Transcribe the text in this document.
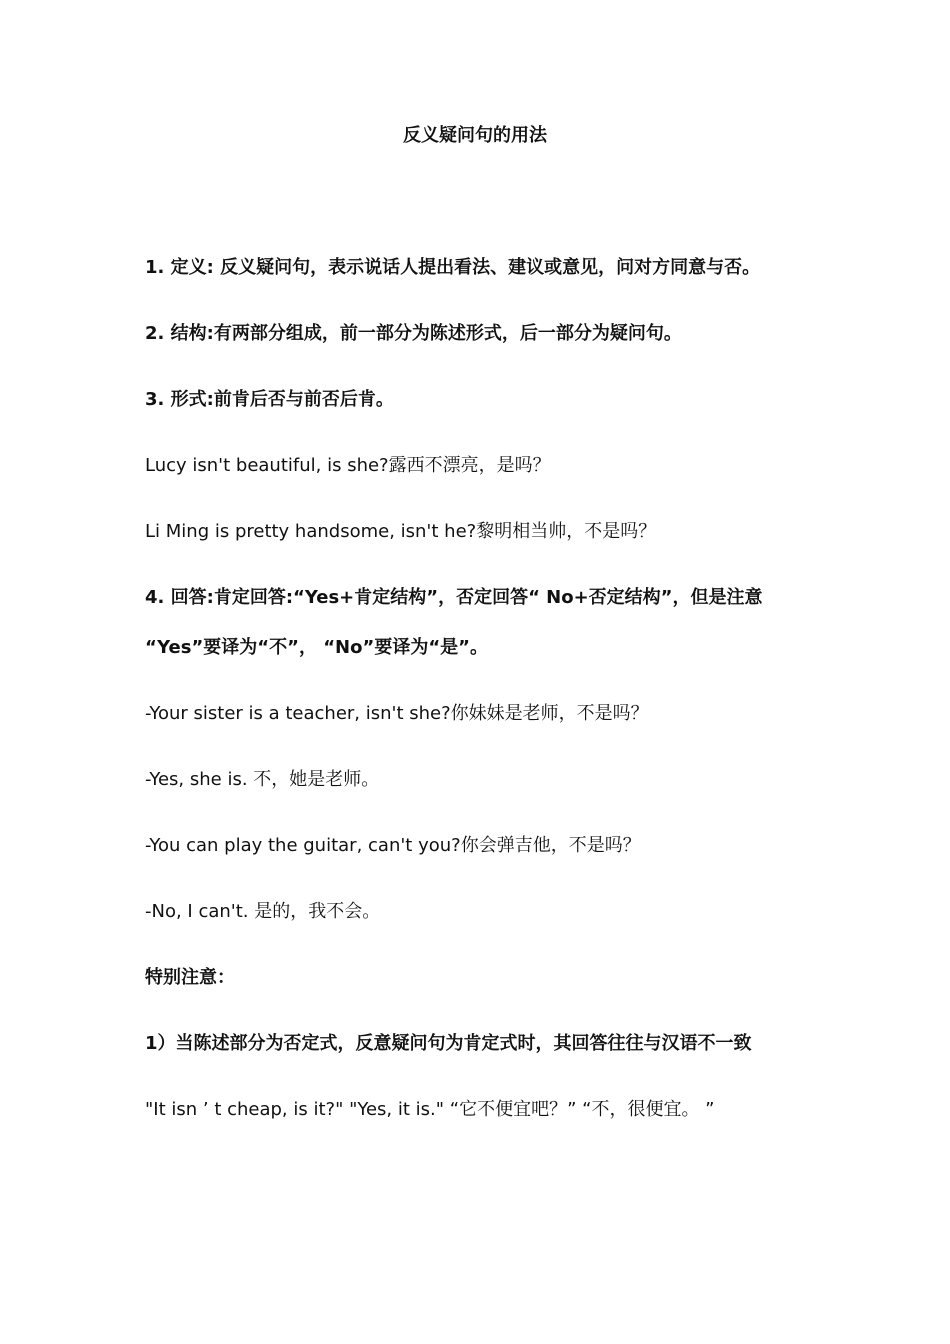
反义疑问句的用法
1. 定义: 反义疑问句，表示说话人提出看法、建议或意见，问对方同意与否。
2. 结构:有两部分组成，前一部分为陈述形式，后一部分为疑问句。
3. 形式:前肯后否与前否后肯。
Lucy isn't beautiful, is she?露西不漂亮，是吗？
Li Ming is pretty handsome, isn't he?黎明相当帅，不是吗？
4. 回答:肯定回答:“Yes+肯定结构”，否定回答“ No+否定结构”，但是注意
“Yes”要译为“不”， “No”要译为“是”。
-Your sister is a teacher, isn't she?你妹妹是老师，不是吗？
-Yes, she is. 不，她是老师。
-You can play the guitar, can't you?你会弹吉他，不是吗？
-No, I can't. 是的，我不会。
特别注意：
1）当陈述部分为否定式，反意疑问句为肯定式时，其回答往往与汉语不一致
"It isn ’ t cheap, is it?" "Yes, it is." “它不便宜吧？” “不，很便宜。 ”
